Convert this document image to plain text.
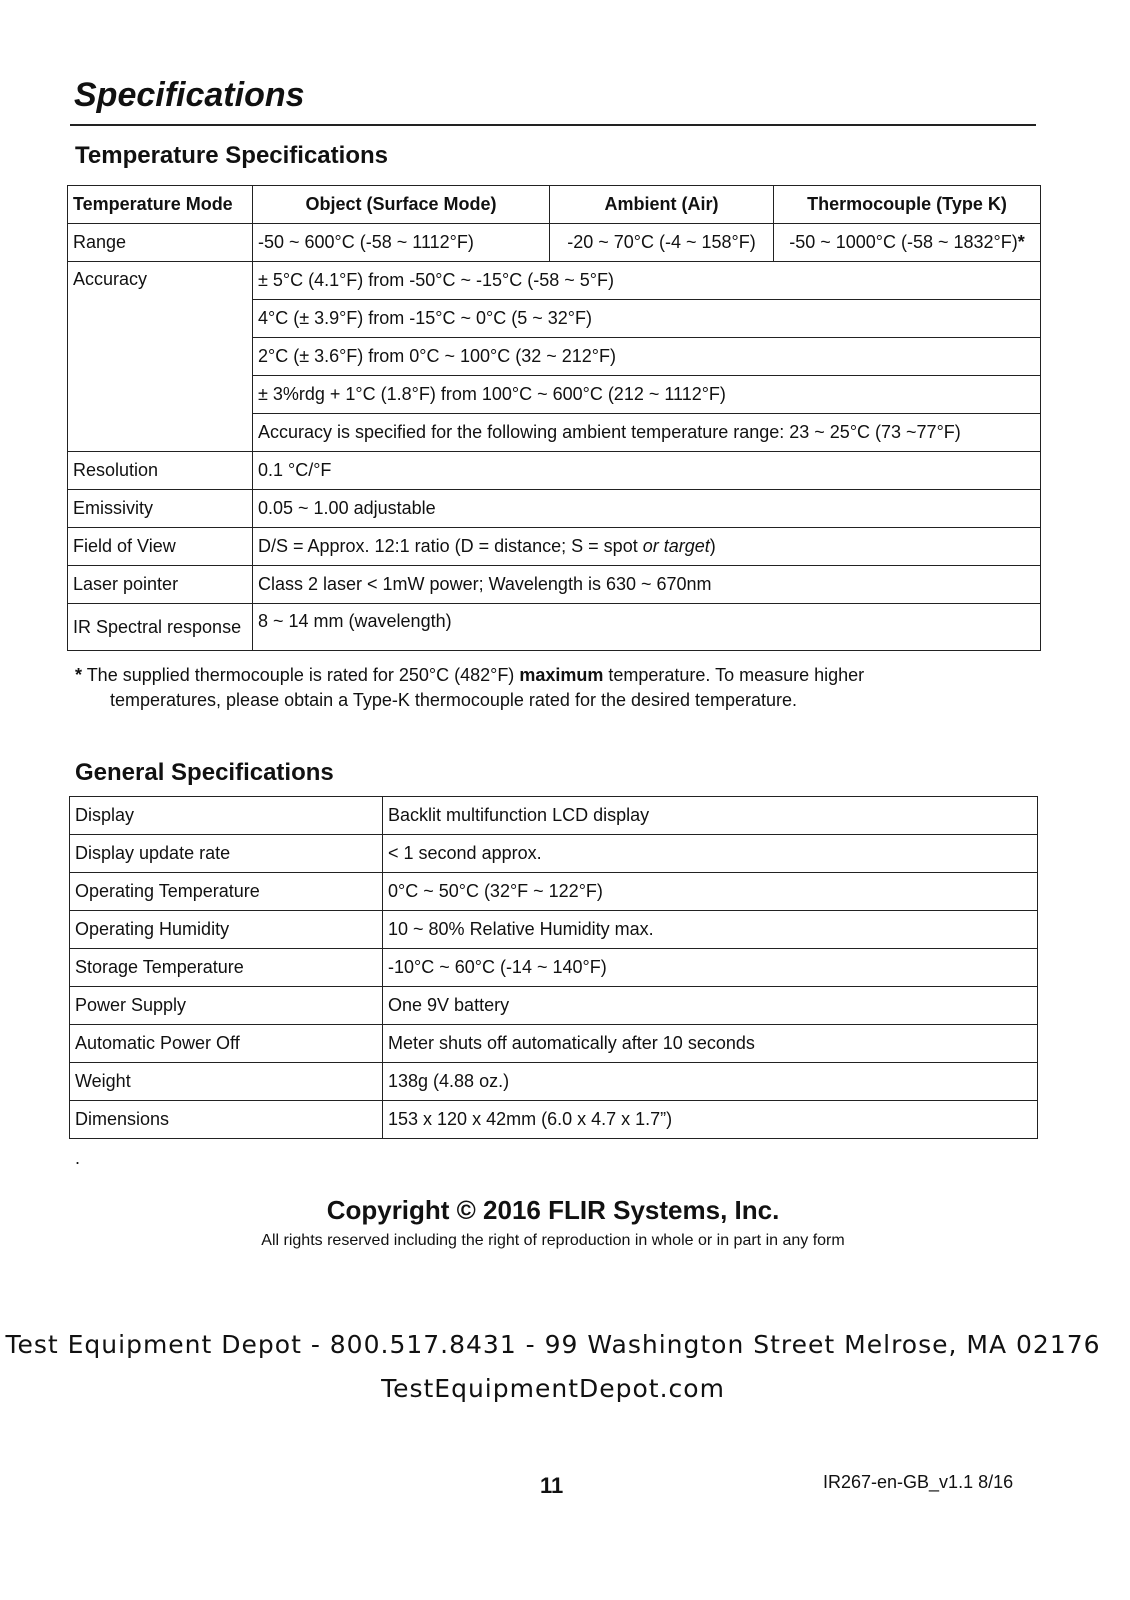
Specifications
Temperature Specifications
Temperature Mode	Object (Surface Mode)	Ambient (Air)	Thermocouple (Type K)
Range	-50 ~ 600°C (-58 ~ 1112°F)	-20 ~ 70°C (-4 ~ 158°F)	-50 ~ 1000°C (-58 ~ 1832°F)*
Accuracy	± 5°C (4.1°F) from -50°C ~ -15°C (-58 ~ 5°F)		
	4°C (± 3.9°F) from -15°C ~ 0°C (5 ~ 32°F)		
	2°C (± 3.6°F) from 0°C ~ 100°C (32 ~ 212°F)		
	± 3%rdg + 1°C (1.8°F) from 100°C ~ 600°C (212 ~ 1112°F)		
	Accuracy is specified for the following ambient temperature range: 23 ~ 25°C (73 ~77°F)		
Resolution	0.1 °C/°F		
Emissivity	0.05 ~ 1.00 adjustable		
Field of View	D/S = Approx. 12:1 ratio (D = distance; S = spot or target)		
Laser pointer	Class 2 laser < 1mW power; Wavelength is 630 ~ 670nm		
IR Spectral response	8 ~ 14 mm (wavelength)		
* The supplied thermocouple is rated for 250°C (482°F) maximum temperature. To measure higher
temperatures, please obtain a Type-K thermocouple rated for the desired temperature.
General Specifications
Display	Backlit multifunction LCD display
Display update rate	< 1 second approx.
Operating Temperature	0°C ~ 50°C (32°F ~ 122°F)
Operating Humidity	10 ~ 80% Relative Humidity max.
Storage Temperature	-10°C ~ 60°C (-14 ~ 140°F)
Power Supply	One 9V battery
Automatic Power Off	Meter shuts off automatically after 10 seconds
Weight	138g (4.88 oz.)
Dimensions	153 x 120 x 42mm (6.0 x 4.7 x 1.7”)
.
Copyright © 2016 FLIR Systems, Inc.
All rights reserved including the right of reproduction in whole or in part in any form
Test Equipment Depot - 800.517.8431 - 99 Washington Street Melrose, MA 02176
TestEquipmentDepot.com
11	IR267-en-GB_v1.1 8/16
